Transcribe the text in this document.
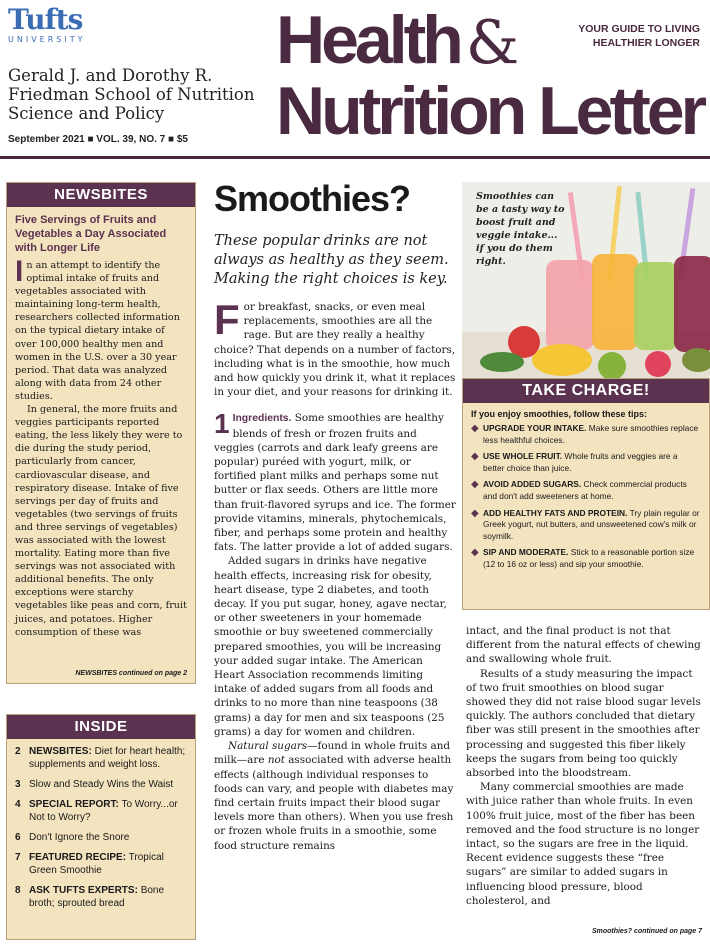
Tufts
UNIVERSITY
Gerald J. and Dorothy R. Friedman School of Nutrition Science and Policy
September 2021 ■ VOL. 39, NO. 7 ■ $5
Health &
Nutrition Letter
YOUR GUIDE TO LIVING HEALTHIER LONGER
NEWSBITES
Five Servings of Fruits and Vegetables a Day Associated with Longer Life

In an attempt to identify the optimal intake of fruits and vegetables associated with maintaining long-term health, researchers collected information on the typical dietary intake of over 100,000 healthy men and women in the U.S. over a 30 year period. That data was analyzed along with data from 24 other studies.

In general, the more fruits and veggies participants reported eating, the less likely they were to die during the study period, particularly from cancer, cardiovascular disease, and respiratory disease. Intake of five servings per day of fruits and vegetables (two servings of fruits and three servings of vegetables) was associated with the lowest mortality. Eating more than five servings was not associated with additional benefits. The only exceptions were starchy vegetables like peas and corn, fruit juices, and potatoes. Higher consumption of these was

NEWSBITES continued on page 2
INSIDE
2 NEWSBITES: Diet for heart health; supplements and weight loss.
3 Slow and Steady Wins the Waist
4 SPECIAL REPORT: To Worry...or Not to Worry?
6 Don't Ignore the Snore
7 FEATURED RECIPE: Tropical Green Smoothie
8 ASK TUFTS EXPERTS: Bone broth; sprouted bread
Smoothies?
These popular drinks are not always as healthy as they seem. Making the right choices is key.

For breakfast, snacks, or even meal replacements, smoothies are all the rage. But are they really a healthy choice? That depends on a number of factors, including what is in the smoothie, how much and how quickly you drink it, what it replaces in your diet, and your reasons for drinking it.

1 Ingredients. Some smoothies are healthy blends of fresh or frozen fruits and veggies (carrots and dark leafy greens are popular) puréed with yogurt, milk, or fortified plant milks and perhaps some nut butter or flax seeds. Others are little more than fruit-flavored syrups and ice. The former provide vitamins, minerals, phytochemicals, fiber, and perhaps some protein and healthy fats. The latter provide a lot of added sugars.

Added sugars in drinks have negative health effects, increasing risk for obesity, heart disease, type 2 diabetes, and tooth decay. If you put sugar, honey, agave nectar, or other sweeteners in your homemade smoothie or buy sweetened commercially prepared smoothies, you will be increasing your added sugar intake. The American Heart Association recommends limiting intake of added sugars from all foods and drinks to no more than nine teaspoons (38 grams) a day for men and six teaspoons (25 grams) a day for women and children.

Natural sugars—found in whole fruits and milk—are not associated with adverse health effects (although individual responses to foods can vary, and people with diabetes may find certain fruits impact their blood sugar levels more than others). When you use fresh or frozen whole fruits in a smoothie, some food structure remains

intact, and the final product is not that different from the natural effects of chewing and swallowing whole fruit.

Results of a study measuring the impact of two fruit smoothies on blood sugar showed they did not raise blood sugar levels quickly. The authors concluded that dietary fiber was still present in the smoothies after processing and suggested this fiber likely keeps the sugars from being too quickly absorbed into the bloodstream.

Many commercial smoothies are made with juice rather than whole fruits. In even 100% fruit juice, most of the fiber has been removed and the food structure is no longer intact, so the sugars are free in the liquid. Recent evidence suggests these “free sugars” are similar to added sugars in influencing blood pressure, blood cholesterol, and

Smoothies? continued on page 7
Smoothies can be a tasty way to boost fruit and veggie intake... if you do them right.
TAKE CHARGE!
If you enjoy smoothies, follow these tips:
◆ UPGRADE YOUR INTAKE. Make sure smoothies replace less healthful choices.
◆ USE WHOLE FRUIT. Whole fruits and veggies are a better choice than juice.
◆ AVOID ADDED SUGARS. Check commercial products and don't add sweeteners at home.
◆ ADD HEALTHY FATS AND PROTEIN. Try plain regular or Greek yogurt, nut butters, and unsweetened cow's milk or soymilk.
◆ SIP AND MODERATE. Stick to a reasonable portion size (12 to 16 oz or less) and sip your smoothie.
